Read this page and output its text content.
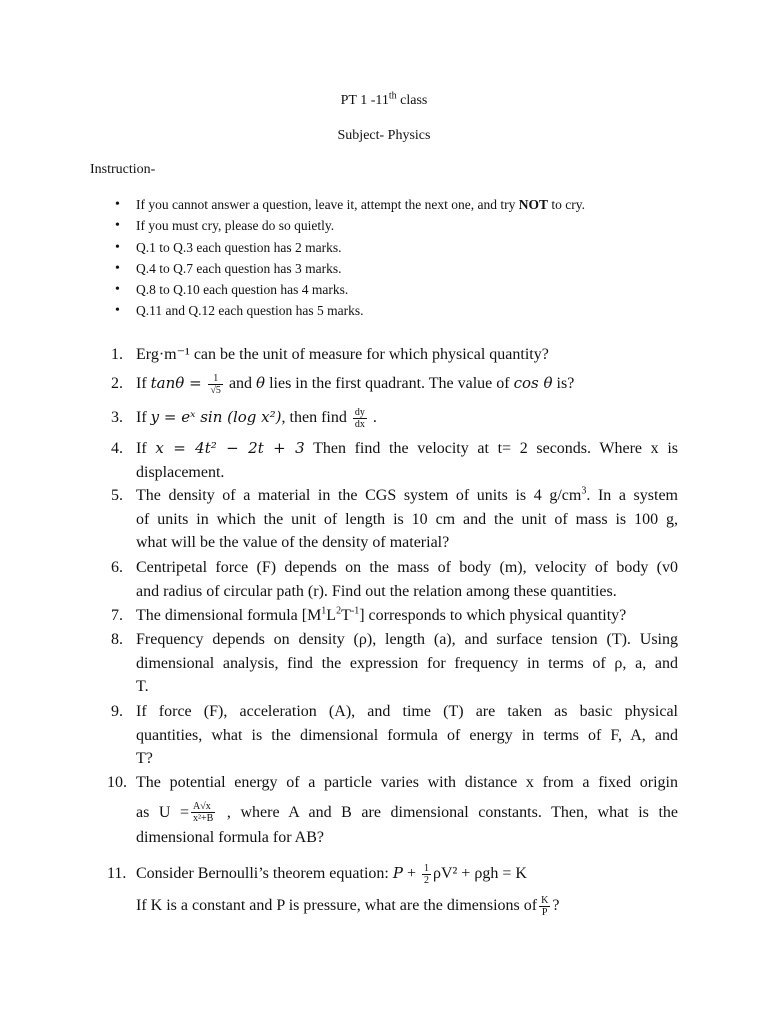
PT 1 -11th class
Subject- Physics
Instruction-
• If you cannot answer a question, leave it, attempt the next one, and try NOT to cry.
• If you must cry, please do so quietly.
• Q.1 to Q.3 each question has 2 marks.
• Q.4 to Q.7 each question has 3 marks.
• Q.8 to Q.10 each question has 4 marks.
• Q.11 and Q.12 each question has 5 marks.
1. Erg·m⁻¹ can be the unit of measure for which physical quantity?
2. If $\tan\theta = \frac{1}{√5}$ and θ lies in the first quadrant. The value of cos θ is?
3. If y = eˣ sin (log x²), then find $\frac{dy}{dx}$ .
4. If x = 4t² − 2t + 3 Then find the velocity at t= 2 seconds. Where x is
displacement.
5. The density of a material in the CGS system of units is 4 $g/cm^3$. In a system
of units in which the unit of length is 10 cm and the unit of mass is 100 g,
what will be the value of the density of material?
6. Centripetal force (F) depends on the mass of body (m), velocity of body (v0
and radius of circular path (r). Find out the relation among these quantities.
7. The dimensional formula $[M^1L^2T^{-1}]$ corresponds to which physical quantity?
8. Frequency depends on density (ρ), length (a), and surface tension (T). Using
dimensional analysis, find the expression for frequency in terms of ρ, a, and
T.
9. If force (F), acceleration (A), and time (T) are taken as basic physical
quantities, what is the dimensional formula of energy in terms of F, A, and
T?
10. The potential energy of a particle varies with distance x from a fixed origin
as $U = \frac{A√x}{\text{x²+B}}$ , where A and B are dimensional constants. Then, what is the
dimensional formula for AB?
11. Consider Bernoulli’s theorem equation: $P + \frac{1}{2} \rho V^2 + \rho gh = K$
If K is a constant and P is pressure, what are the dimensions of $\frac{K}{P}$ ?
